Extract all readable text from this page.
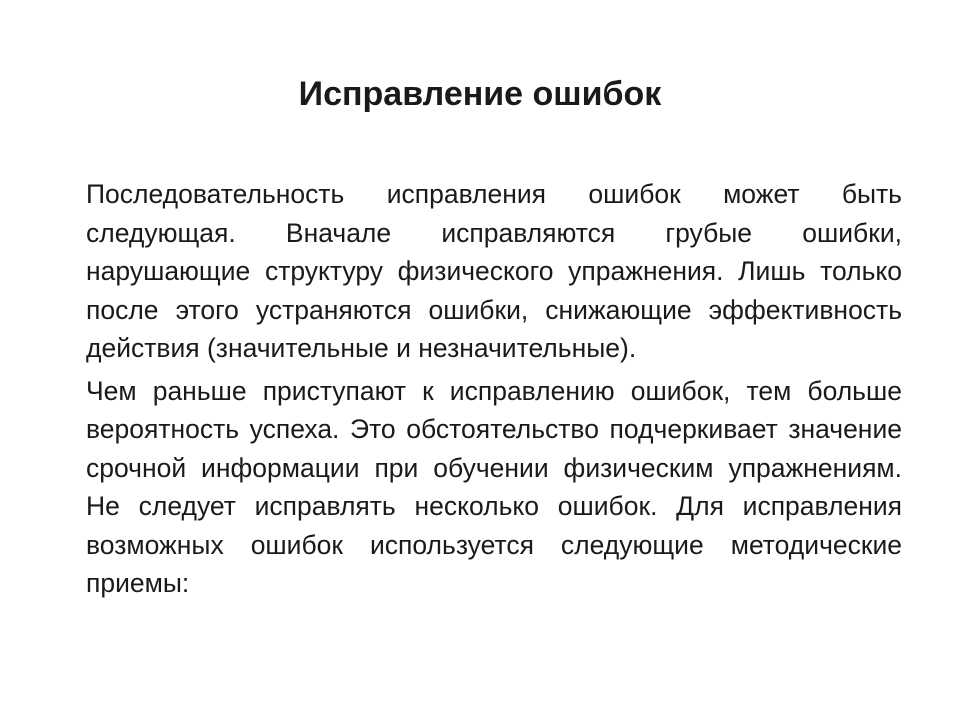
Исправление ошибок

Последовательность исправления ошибок может быть следующая. Вначале исправляются грубые ошибки, нарушающие структуру физического упражнения. Лишь только после этого устраняются ошибки, снижающие эффективность действия (значительные и незначительные).

Чем раньше приступают к исправлению ошибок, тем больше вероятность успеха. Это обстоятельство подчеркивает значение срочной информации при обучении физическим упражнениям. Не следует исправлять несколько ошибок. Для исправления возможных ошибок используется следующие методические приемы:
